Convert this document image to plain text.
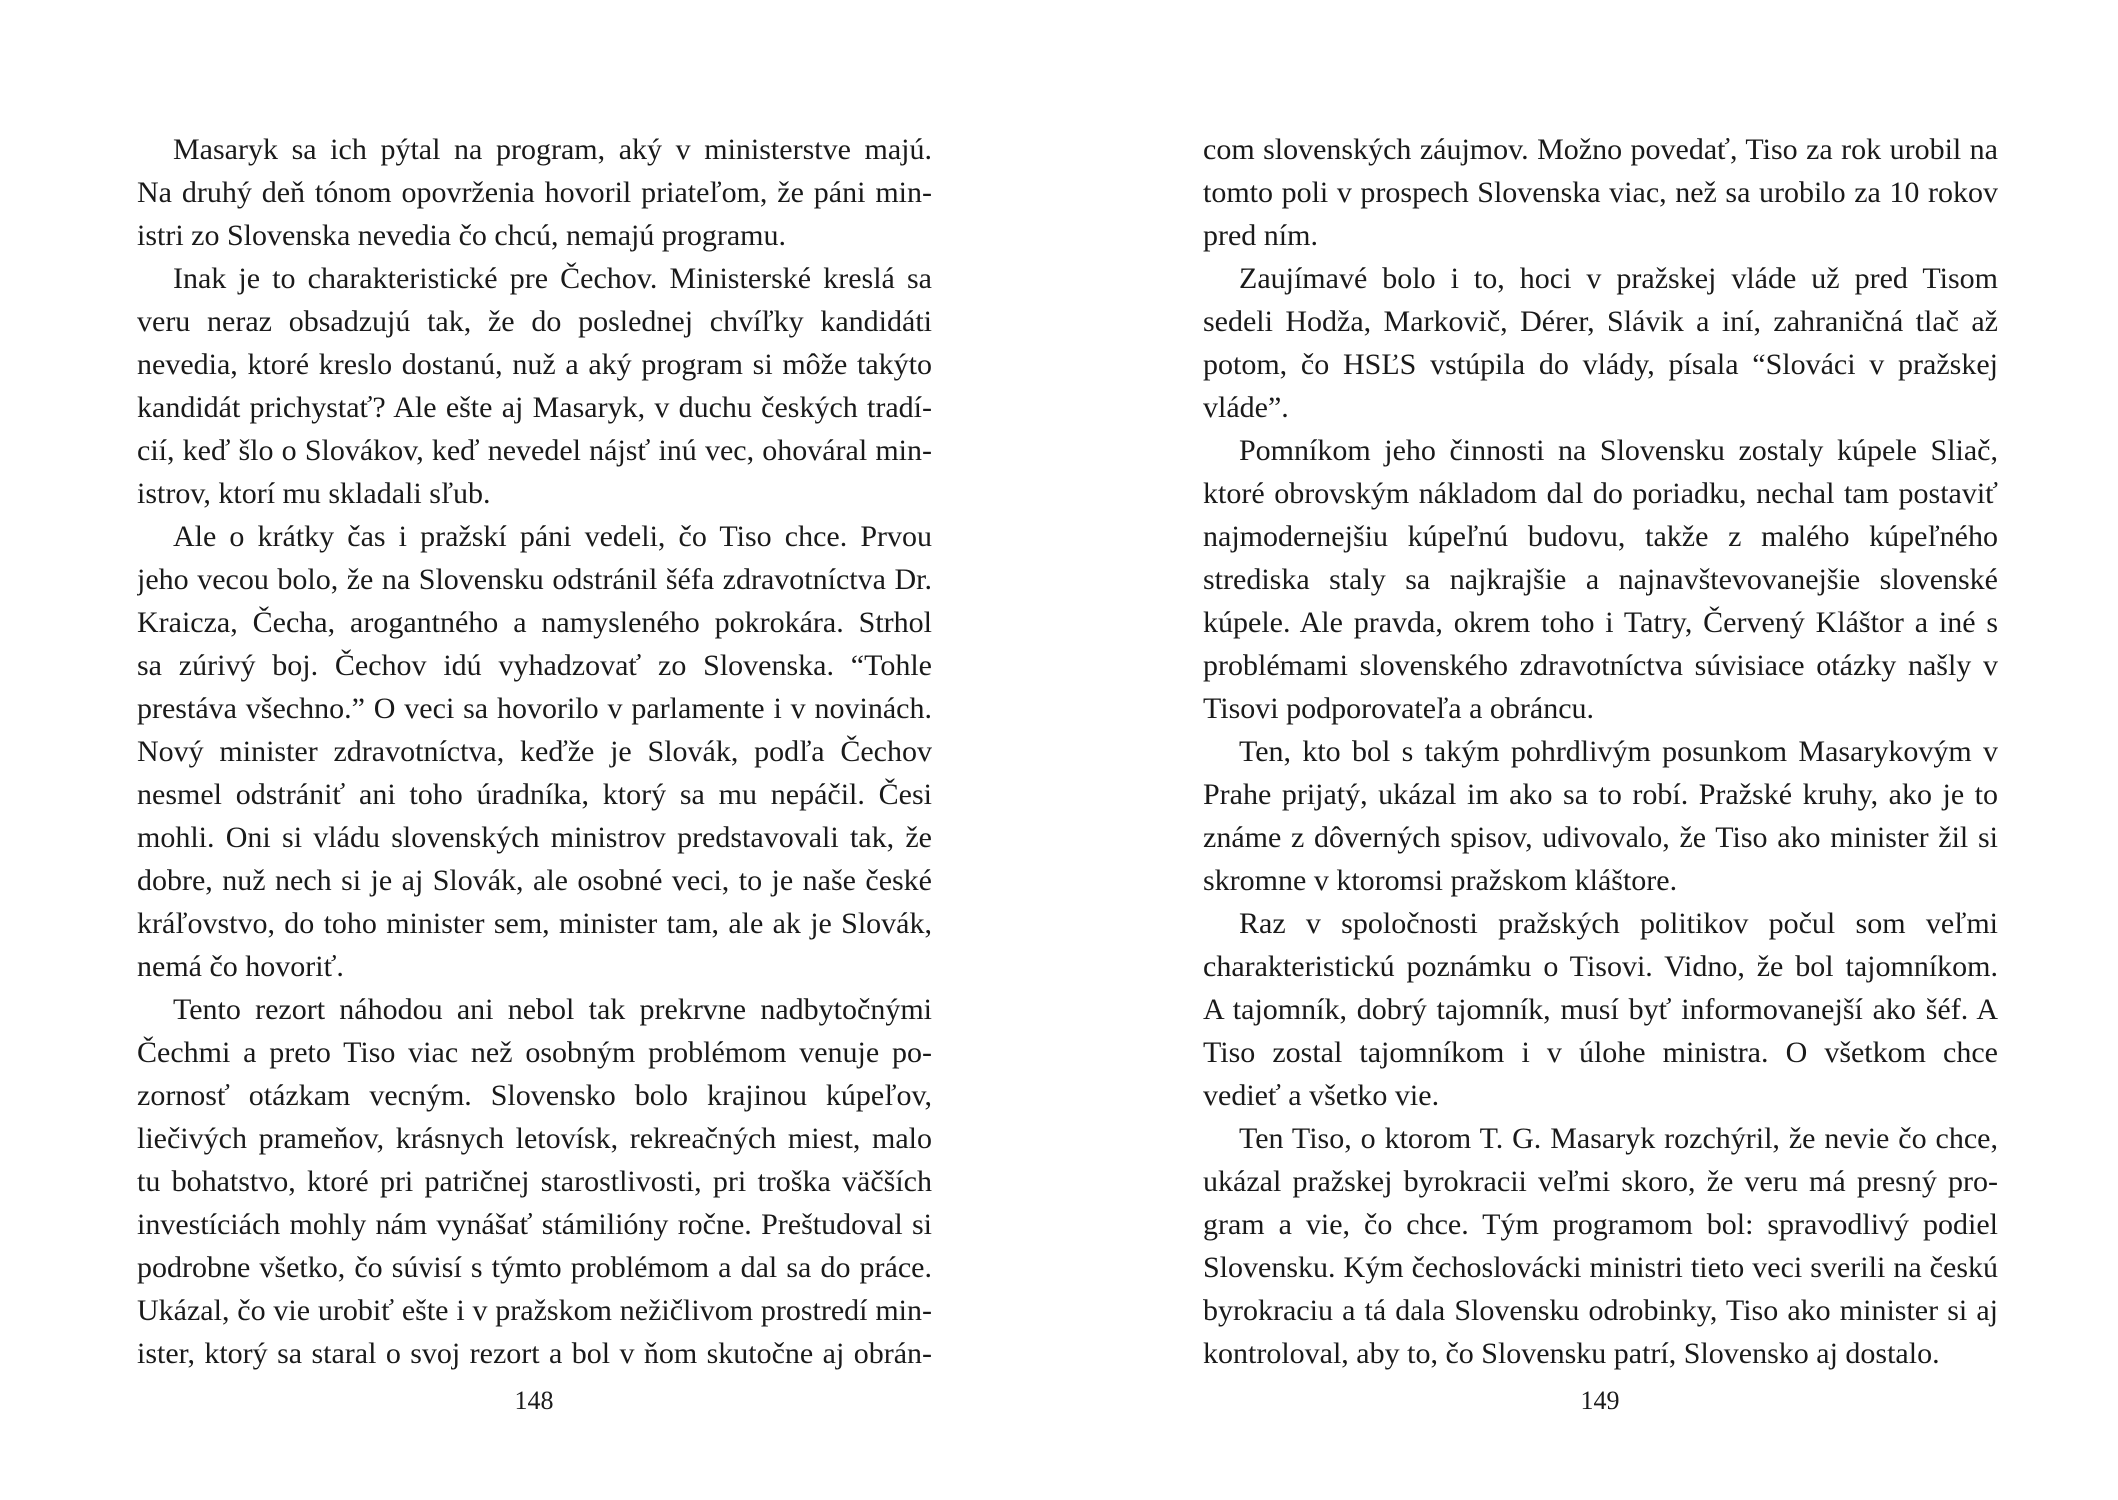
Masaryk sa ich pýtal na program, aký v ministerstve majú.
Na druhý deň tónom opovrženia hovoril priateľom, že páni min-
istri zo Slovenska nevedia čo chcú, nemajú programu.
Inak je to charakteristické pre Čechov. Ministerské kreslá sa
veru neraz obsadzujú tak, že do poslednej chvíľky kandidáti
nevedia, ktoré kreslo dostanú, nuž a aký program si môže takýto
kandidát prichystať? Ale ešte aj Masaryk, v duchu českých tradí-
cií, keď šlo o Slovákov, keď nevedel nájsť inú vec, ohováral min-
istrov, ktorí mu skladali sľub.
Ale o krátky čas i pražskí páni vedeli, čo Tiso chce. Prvou
jeho vecou bolo, že na Slovensku odstránil šéfa zdravotníctva Dr.
Kraicza, Čecha, arogantného a namysleného pokrokára. Strhol
sa zúrivý boj. Čechov idú vyhadzovať zo Slovenska. “Tohle
prestáva všechno.” O veci sa hovorilo v parlamente i v novinách.
Nový minister zdravotníctva, keďže je Slovák, podľa Čechov
nesmel odstrániť ani toho úradníka, ktorý sa mu nepáčil. Česi
mohli. Oni si vládu slovenských ministrov predstavovali tak, že
dobre, nuž nech si je aj Slovák, ale osobné veci, to je naše české
kráľovstvo, do toho minister sem, minister tam, ale ak je Slovák,
nemá čo hovoriť.
Tento rezort náhodou ani nebol tak prekrvne nadbytočnými
Čechmi a preto Tiso viac než osobným problémom venuje po-
zornosť otázkam vecným. Slovensko bolo krajinou kúpeľov,
liečivých prameňov, krásnych letovísk, rekreačných miest, malo
tu bohatstvo, ktoré pri patričnej starostlivosti, pri troška väčších
investíciách mohly nám vynášať stámilióny ročne. Preštudoval si
podrobne všetko, čo súvisí s týmto problémom a dal sa do práce.
Ukázal, čo vie urobiť ešte i v pražskom nežičlivom prostredí min-
ister, ktorý sa staral o svoj rezort a bol v ňom skutočne aj obrán-
com slovenských záujmov. Možno povedať, Tiso za rok urobil na
tomto poli v prospech Slovenska viac, než sa urobilo za 10 rokov
pred ním.
Zaujímavé bolo i to, hoci v pražskej vláde už pred Tisom
sedeli Hodža, Markovič, Dérer, Slávik a iní, zahraničná tlač až
potom, čo HSĽS vstúpila do vlády, písala “Slováci v pražskej
vláde”.
Pomníkom jeho činnosti na Slovensku zostaly kúpele Sliač,
ktoré obrovským nákladom dal do poriadku, nechal tam postaviť
najmodernejšiu kúpeľnú budovu, takže z malého kúpeľného
strediska staly sa najkrajšie a najnavštevovanejšie slovenské
kúpele. Ale pravda, okrem toho i Tatry, Červený Kláštor a iné s
problémami slovenského zdravotníctva súvisiace otázky našly v
Tisovi podporovateľa a obráncu.
Ten, kto bol s takým pohrdlivým posunkom Masarykovým v
Prahe prijatý, ukázal im ako sa to robí. Pražské kruhy, ako je to
známe z dôverných spisov, udivovalo, že Tiso ako minister žil si
skromne v ktoromsi pražskom kláštore.
Raz v spoločnosti pražských politikov počul som veľmi
charakteristickú poznámku o Tisovi. Vidno, že bol tajomníkom.
A tajomník, dobrý tajomník, musí byť informovanejší ako šéf. A
Tiso zostal tajomníkom i v úlohe ministra. O všetkom chce
vedieť a všetko vie.
Ten Tiso, o ktorom T. G. Masaryk rozchýril, že nevie čo chce,
ukázal pražskej byrokracii veľmi skoro, že veru má presný pro-
gram a vie, čo chce. Tým programom bol: spravodlivý podiel
Slovensku. Kým čechoslovácki ministri tieto veci sverili na českú
byrokraciu a tá dala Slovensku odrobinky, Tiso ako minister si aj
kontroloval, aby to, čo Slovensku patrí, Slovensko aj dostalo.
148	149
